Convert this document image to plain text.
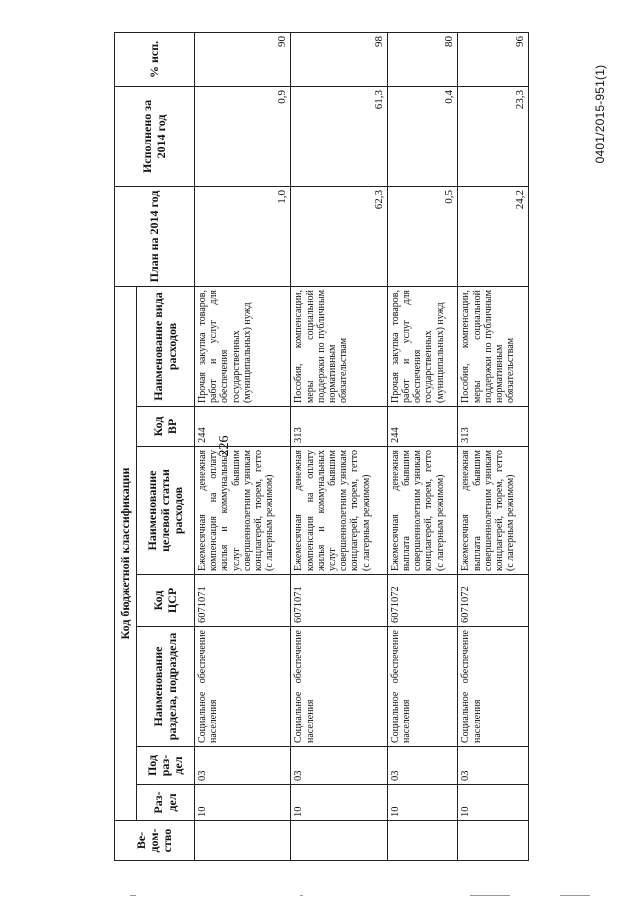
226
0401/2015-951(1)
Ве-дом-ство	Код бюджетной классификации							План на 2014 год	Исполнено за 2014 год	% исп.
	Раз-дел	Под раз-дел	Наименование раздела, подраздела	Код ЦСР	Наименование целевой статьи расходов	Код ВР	Наименование вида расходов			
	10	03	Социальное обеспечение населения	6071071	Ежемесячная денежная компенсация на оплату жилья и коммунальных услуг бывшим совершеннолетним узникам концлагерей, тюрем, гетто (с лагерным режимом)	244	Прочая закупка товаров, работ и услуг для обеспечения государственных (муниципальных) нужд	1,0	0,9	90
	10	03	Социальное обеспечение населения	6071071	Ежемесячная денежная компенсация на оплату жилья и коммунальных услуг бывшим совершеннолетним узникам концлагерей, тюрем, гетто (с лагерным режимом)	313	Пособия, компенсации, меры социальной поддержки по публичным нормативным обязательствам	62,3	61,3	98
	10	03	Социальное обеспечение населения	6071072	Ежемесячная денежная выплата бывшим совершеннолетним узникам концлагерей, тюрем, гетто (с лагерным режимом)	244	Прочая закупка товаров, работ и услуг для обеспечения государственных (муниципальных) нужд	0,5	0,4	80
	10	03	Социальное обеспечение населения	6071072	Ежемесячная денежная выплата бывшим совершеннолетним узникам концлагерей, тюрем, гетто (с лагерным режимом)	313	Пособия, компенсации, меры социальной поддержки по публичным нормативным обязательствам	24,2	23,3	96
